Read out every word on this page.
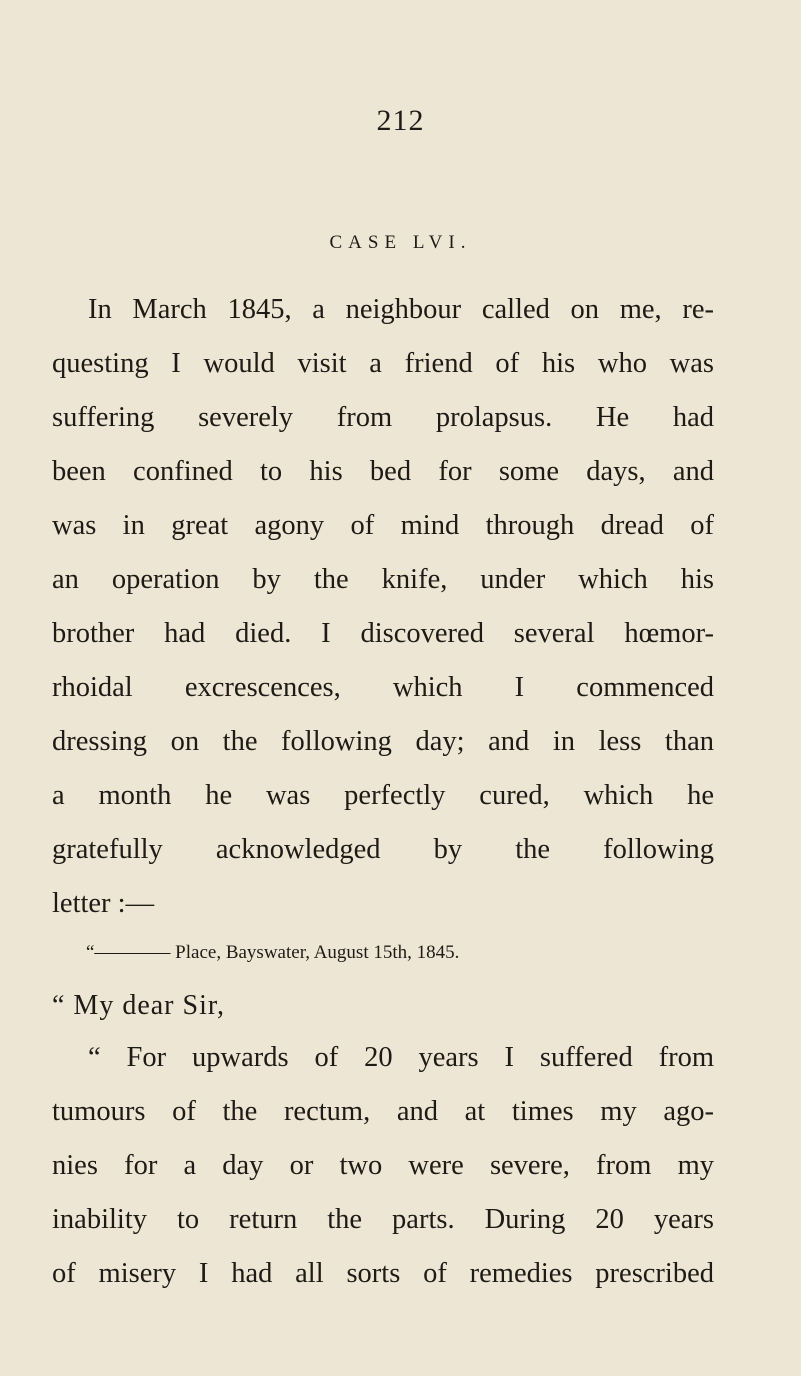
212
CASE LVI.
In March 1845, a neighbour called on me, re-
questing I would visit a friend of his who was
suffering severely from prolapsus. He had
been confined to his bed for some days, and
was in great agony of mind through dread of
an operation by the knife, under which his
brother had died. I discovered several hœmor-
rhoidal excrescences, which I commenced
dressing on the following day; and in less than
a month he was perfectly cured, which he
“———— Place, Bayswater, August 15th, 1845.
“ My dear Sir,
“ For upwards of 20 years I suffered from
tumours of the rectum, and at times my ago-
nies for a day or two were severe, from my
inability to return the parts. During 20 years
of misery I had all sorts of remedies prescribed
gratefully acknowledged by the following
letter :—
